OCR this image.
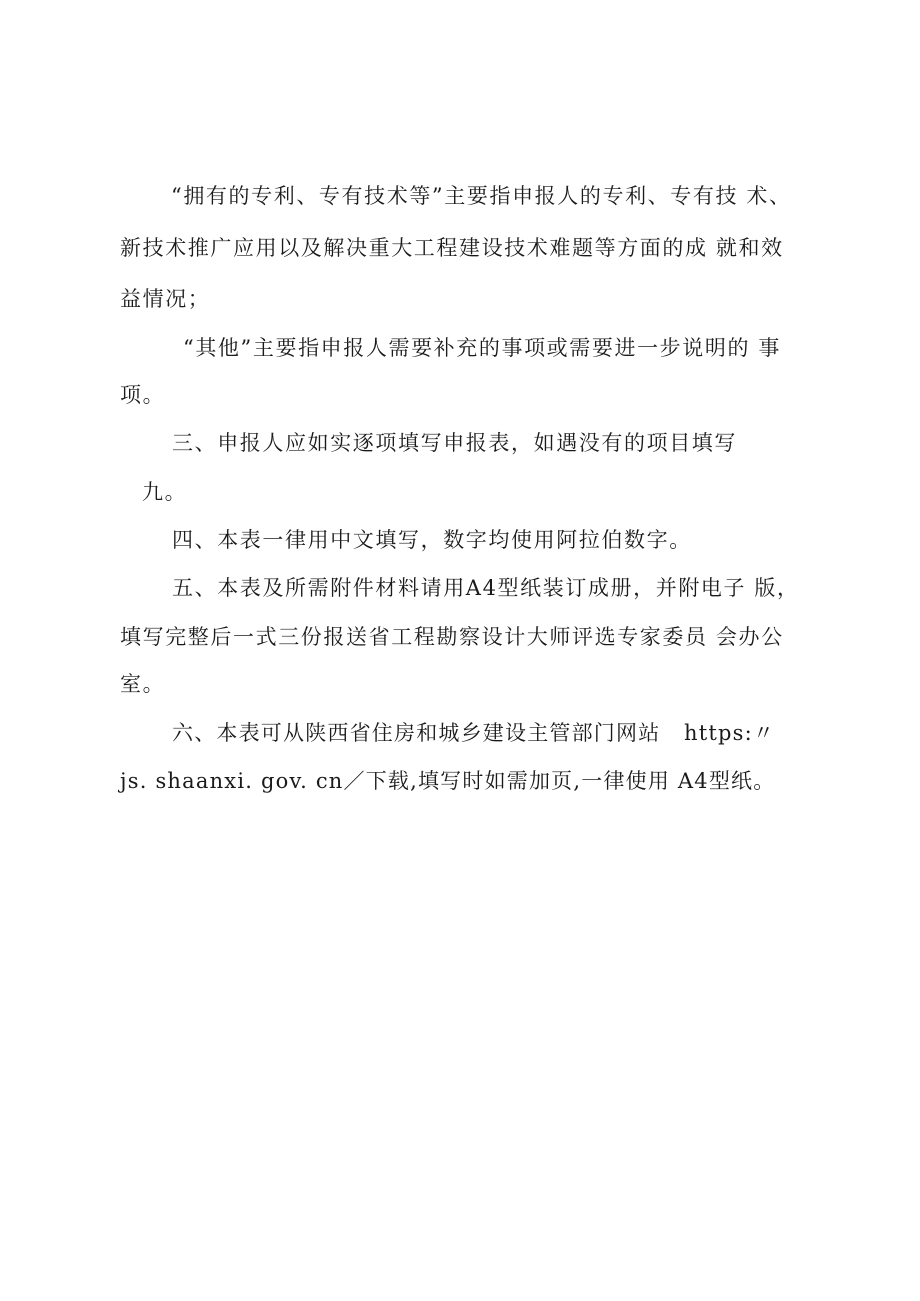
“拥有的专利、专有技术等”主要指申报人的专利、专有技 术、
新技术推广应用以及解决重大工程建设技术难题等方面的成 就和效
益情况；
“其他”主要指申报人需要补充的事项或需要进一步说明的 事
项。
三、申报人应如实逐项填写申报表，如遇没有的项目填写
九。
四、本表一律用中文填写，数字均使用阿拉伯数字。
五、本表及所需附件材料请用A4型纸装订成册，并附电子 版，
填写完整后一式三份报送省工程勘察设计大师评选专家委员 会办公
室。
六、本表可从陕西省住房和城乡建设主管部门网站   https:〃
js. shaanxi. gov. cn／下载,填写时如需加页,一律使用 A4型纸。
